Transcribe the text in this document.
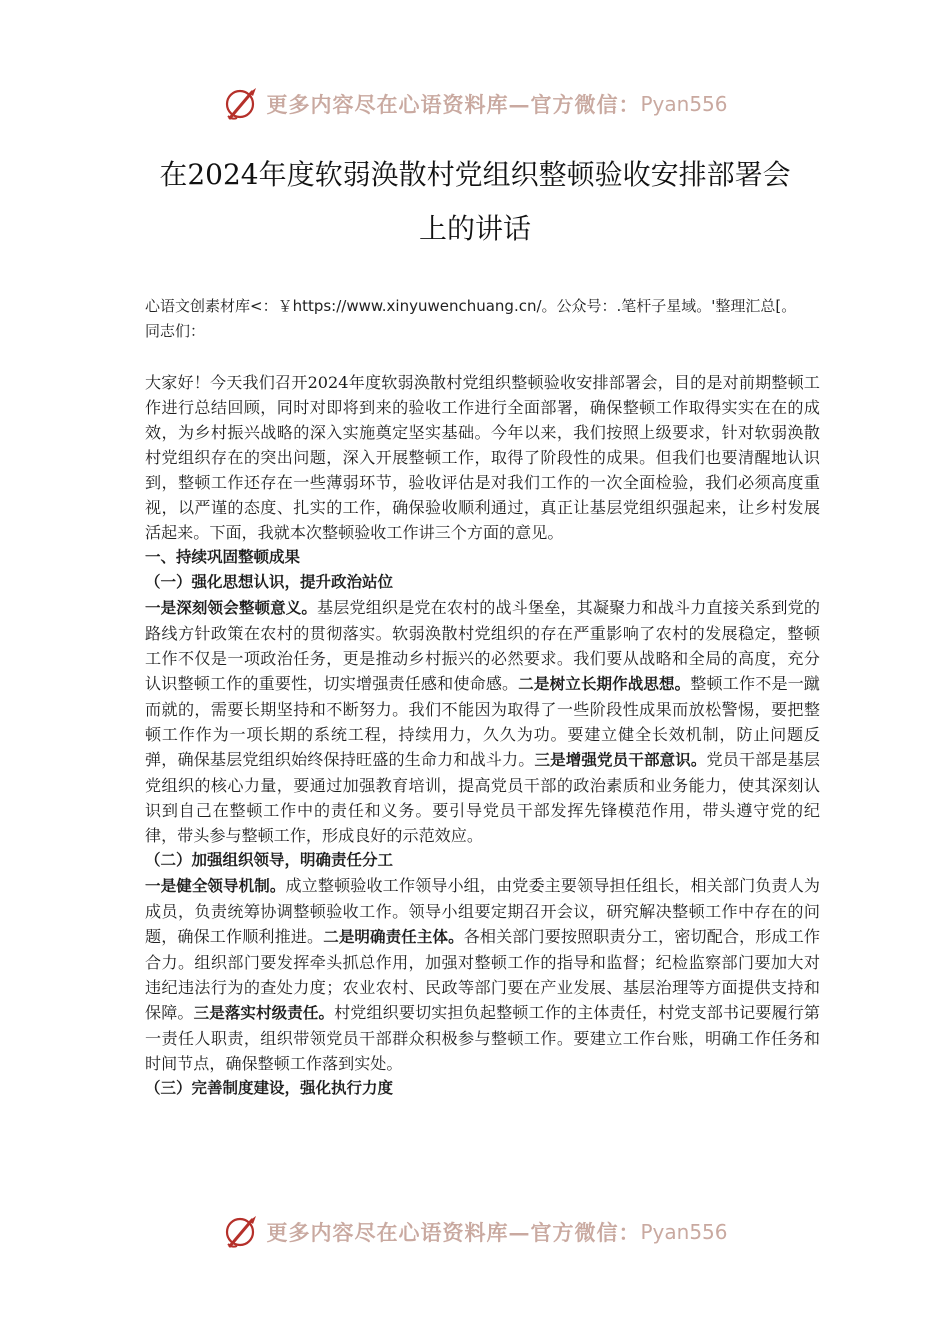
更多内容尽在心语资料库—官方微信： Pyan556
在2024年度软弱涣散村党组织整顿验收安排部署会
上的讲话
心语文创素材库<：￥https://www.xinyuwenchuang.cn/。公众号：.笔杆子星域。'整理汇总[。同志们：

大家好！今天我们召开2024年度软弱涣散村党组织整顿验收安排部署会，目的是对前期整顿工作进行总结回顾，同时对即将到来的验收工作进行全面部署，确保整顿工作取得实实在在的成效，为乡村振兴战略的深入实施奠定坚实基础。今年以来，我们按照上级要求，针对软弱涣散村党组织存在的突出问题，深入开展整顿工作，取得了阶段性的成果。但我们也要清醒地认识到，整顿工作还存在一些薄弱环节，验收评估是对我们工作的一次全面检验，我们必须高度重视，以严谨的态度、扎实的工作，确保验收顺利通过，真正让基层党组织强起来，让乡村发展活起来。下面，我就本次整顿验收工作讲三个方面的意见。

一、持续巩固整顿成果

（一）强化思想认识，提升政治站位

一是深刻领会整顿意义。基层党组织是党在农村的战斗堡垒，其凝聚力和战斗力直接关系到党的路线方针政策在农村的贯彻落实。软弱涣散村党组织的存在严重影响了农村的发展稳定，整顿工作不仅是一项政治任务，更是推动乡村振兴的必然要求。我们要从战略和全局的高度，充分认识整顿工作的重要性，切实增强责任感和使命感。二是树立长期作战思想。整顿工作不是一蹴而就的，需要长期坚持和不断努力。我们不能因为取得了一些阶段性成果而放松警惕，要把整顿工作作为一项长期的系统工程，持续用力，久久为功。要建立健全长效机制，防止问题反弹，确保基层党组织始终保持旺盛的生命力和战斗力。三是增强党员干部意识。党员干部是基层党组织的核心力量，要通过加强教育培训，提高党员干部的政治素质和业务能力，使其深刻认识到自己在整顿工作中的责任和义务。要引导党员干部发挥先锋模范作用，带头遵守党的纪律，带头参与整顿工作，形成良好的示范效应。

（二）加强组织领导，明确责任分工

一是健全领导机制。成立整顿验收工作领导小组，由党委主要领导担任组长，相关部门负责人为成员，负责统筹协调整顿验收工作。领导小组要定期召开会议，研究解决整顿工作中存在的问题，确保工作顺利推进。二是明确责任主体。各相关部门要按照职责分工，密切配合，形成工作合力。组织部门要发挥牵头抓总作用，加强对整顿工作的指导和监督；纪检监察部门要加大对违纪违法行为的查处力度；农业农村、民政等部门要在产业发展、基层治理等方面提供支持和保障。三是落实村级责任。村党组织要切实担负起整顿工作的主体责任，村党支部书记要履行第一责任人职责，组织带领党员干部群众积极参与整顿工作。要建立工作台账，明确工作任务和时间节点，确保整顿工作落到实处。

（三）完善制度建设，强化执行力度

更多内容尽在心语资料库—官方微信： Pyan556
